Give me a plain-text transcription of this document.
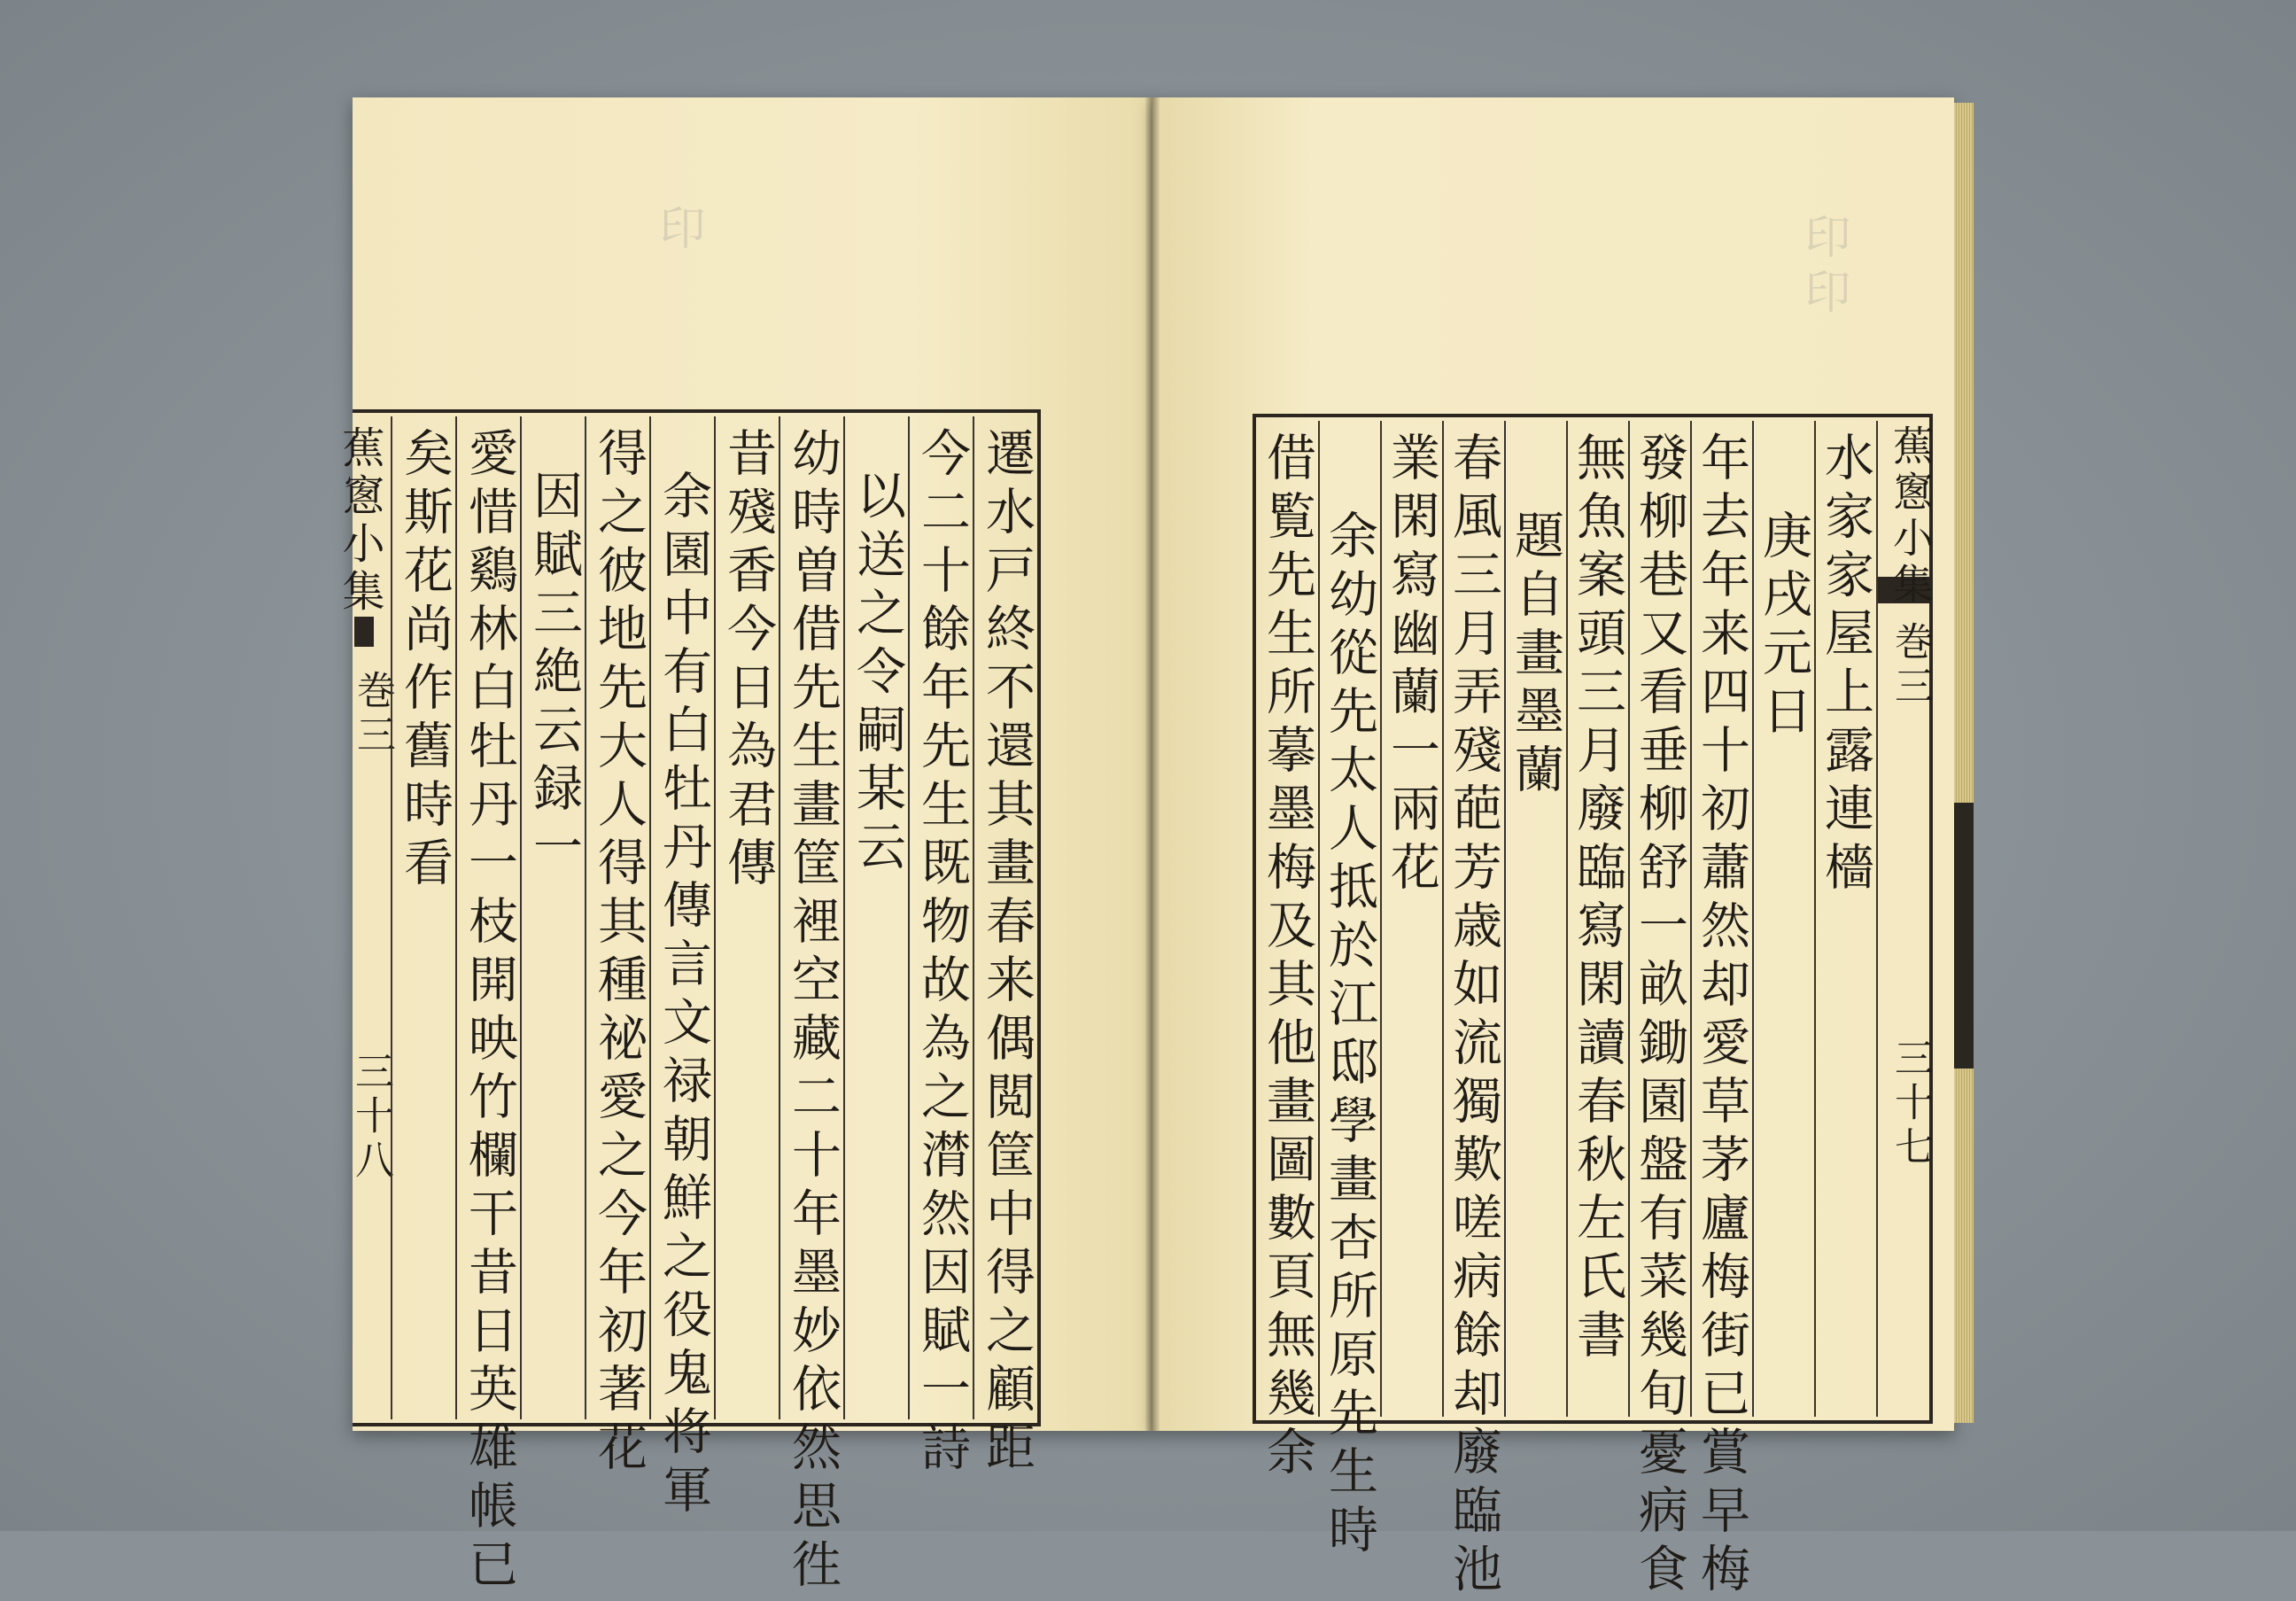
印
蕉窻小集
巻三
三十八	遷水戸終不還其畫春来偶閲筐中得之顧距
今二十餘年先生既物故為之潸然因賦一詩
以送之令嗣某云
幼時曽借先生畫筐裡空藏二十年墨妙依然思徃
昔殘香今日為君傳
余園中有白牡丹傳言文禄朝鮮之役鬼将軍
得之彼地先大人得其種祕愛之今年初著花
因賦三絶云録一
愛惜鷄林白牡丹一枝開映竹欄干昔日英雄帳已
矣斯花尚作舊時看
印印
蕉窻小集
巻三
三十七
水家家屋上露連檣
庚戌元日
年去年来四十初蕭然却愛草茅廬梅街已賞早梅
發柳巷又看垂柳舒一畝鋤園盤有菜幾旬憂病食
無魚案頭三月廢臨寫閑讀春秋左氏書
題自畫墨蘭
春風三月弄殘葩芳歳如流獨歎嗟病餘却廢臨池
業閑寫幽蘭一兩花
余幼從先太人抵於江邸學畫杏所原先生時
借覧先生所摹墨梅及其他畫圖數頁無幾余
